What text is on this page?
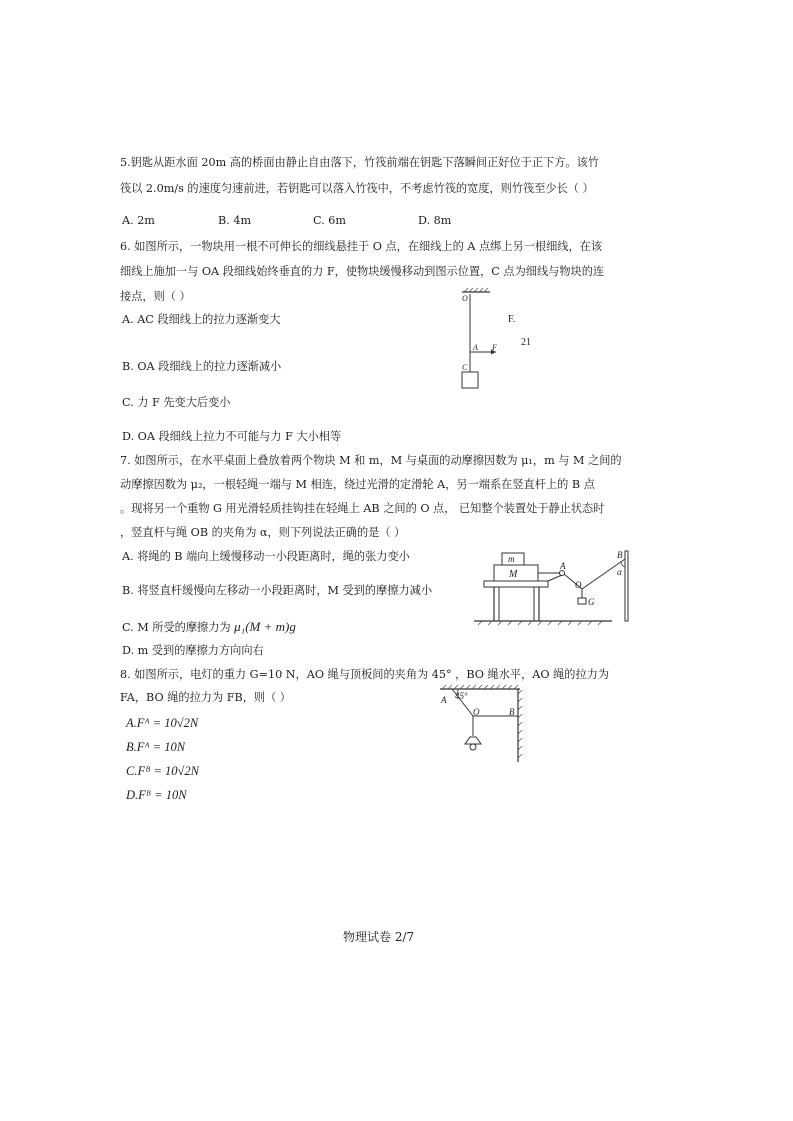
5.钥匙从距水面 20m 高的桥面由静止自由落下，竹筏前端在钥匙下落瞬间正好位于正下方。该竹
筏以 2.0m/s 的速度匀速前进，若钥匙可以落入竹筏中，不考虑竹筏的宽度，则竹筏至少长（ ）
A. 2m	B. 4m	C. 6m	D. 8m
6. 如图所示，一物块用一根不可伸长的细线悬挂于 O 点，在细线上的 A 点绑上另一根细线，在该
细线上施加一与 OA 段细线始终垂直的力 F，使物块缓慢移动到图示位置，C 点为细线与物块的连
接点，则（ ）
A. AC 段细线上的拉力逐渐变大
B. OA 段细线上的拉力逐渐减小
C. 力 F 先变大后变小
D. OA 段细线上拉力不可能与力 F 大小相等
O
A F
C
F.
21
7. 如图所示，在水平桌面上叠放着两个物块 M 和 m，M 与桌面的动摩擦因数为 μ₁，m 与 M 之间的
动摩擦因数为 μ₂，一根轻绳一端与 M 相连，绕过光滑的定滑轮 A，另一端系在竖直杆上的 B 点
。现将另一个重物 G 用光滑轻质挂钩挂在轻绳上 AB 之间的 O 点， 已知整个装置处于静止状态时
，竖直杆与绳 OB 的夹角为 α，则下列说法正确的是（ ）
A. 将绳的 B 端向上缓慢移动一小段距离时，绳的张力变小
B. 将竖直杆缓慢向左移动一小段距离时，M 受到的摩擦力减小
C. M 所受的摩擦力为 μ₁(M + m)g
D. m 受到的摩擦力方向向右
m
M
A
O
G
B
α
8. 如图所示，电灯的重力 G=10 N，AO 绳与顶板间的夹角为 45° ，BO 绳水平，AO 绳的拉力为
FA，BO 绳的拉力为 FB，则（ ）
A.Fᴬ = 10√2N
B.Fᴬ = 10N
C.Fᴮ = 10√2N
D.Fᴮ = 10N
A 45°
O	B
物理试卷 2/7
